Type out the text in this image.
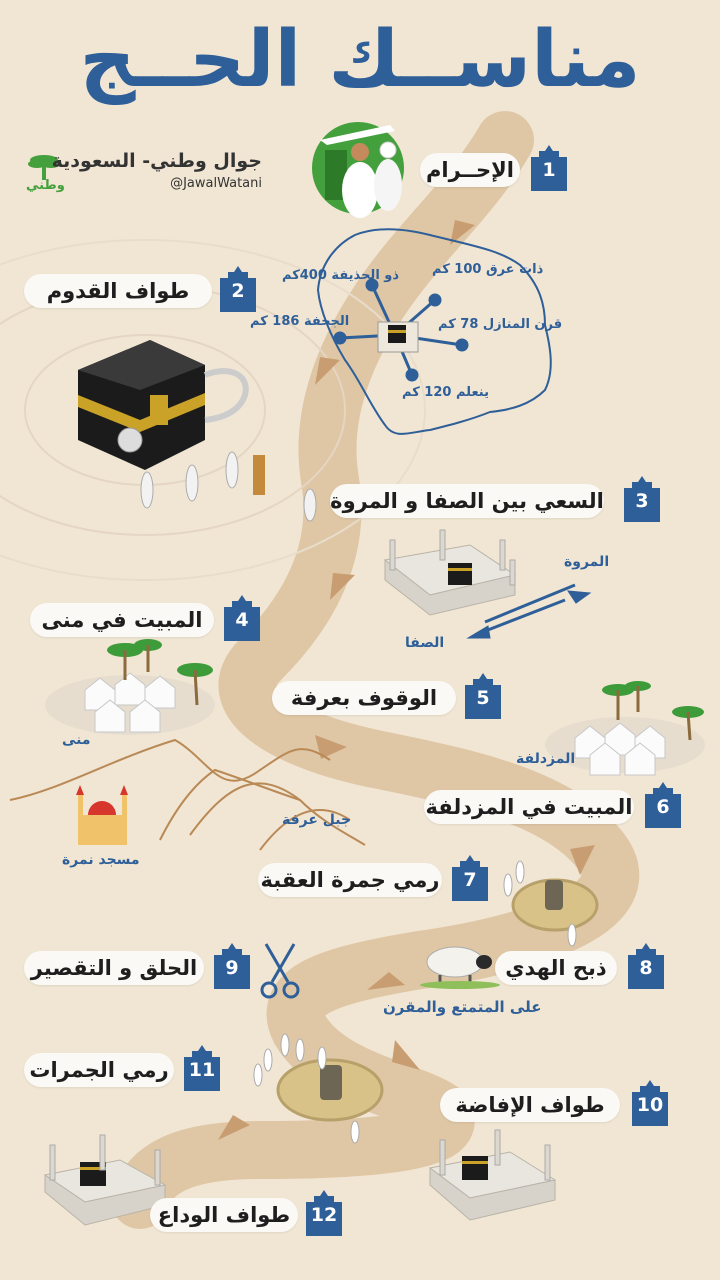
مناســك الحــج
وطني
جوال وطني- السعودية
@JawalWatani
الإحــرام
طواف القدوم
السعي بين الصفا و المروة
المبيت في منى
الوقوف بعرفة
المبيت في المزدلفة
رمي جمرة العقبة
ذبح الهدي
الحلق و التقصير
طواف الإفاضة
رمي الجمرات
طواف الوداع
1
2
3
4
5
6
7
8
9
10
11
12
ذات عرق 100 كم
ذو الحذيفة 400كم
قرن المنازل 78 كم
الجحفة 186 كم
ينعلم 120 كم
المروة
الصفا
منى
المزدلفة
جبل عرفة
مسجد نمرة
على المتمتع والمقرن
